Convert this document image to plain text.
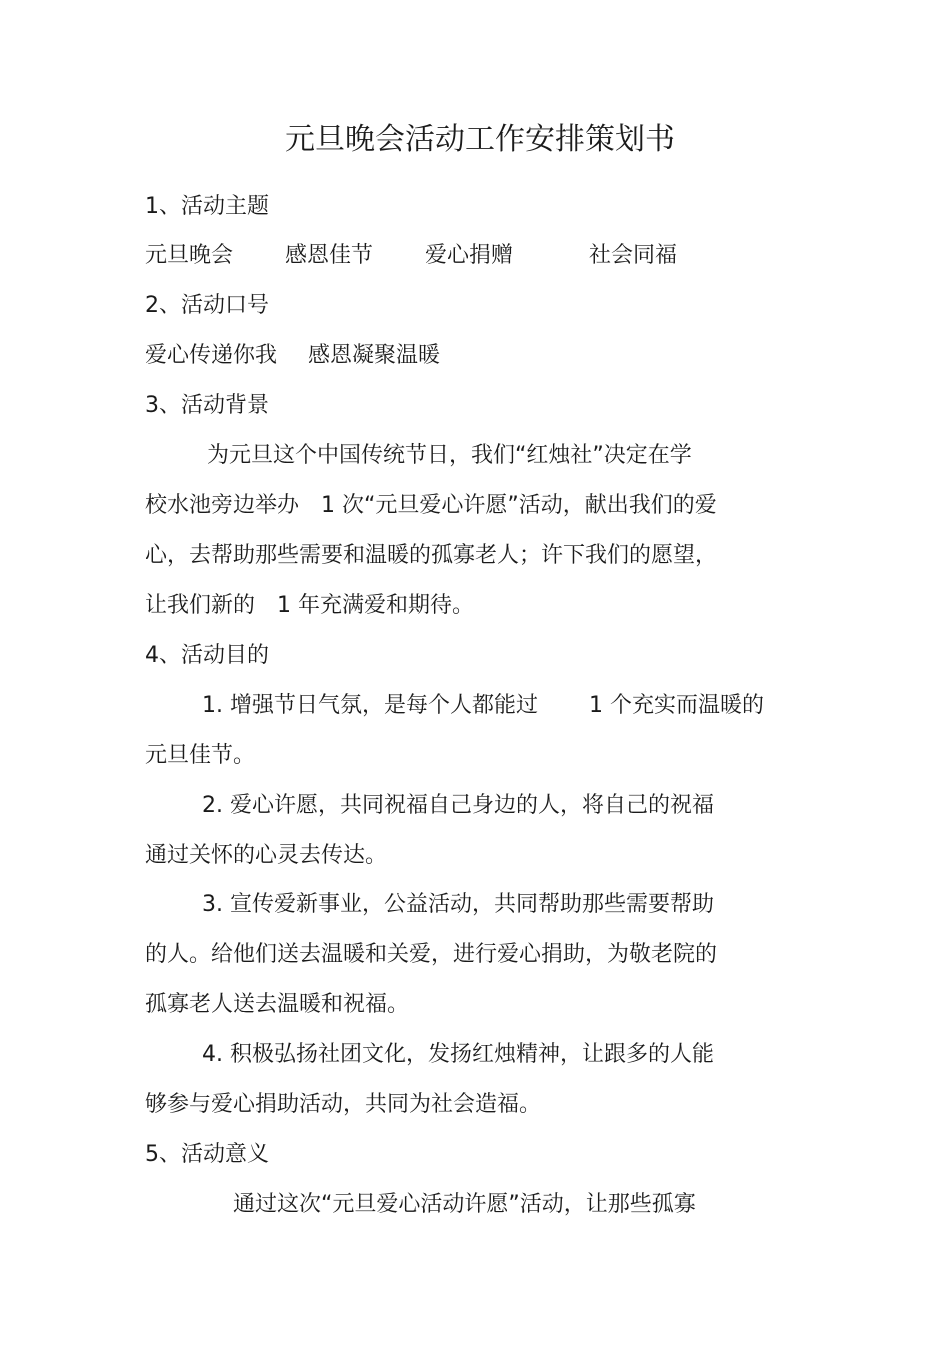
元旦晚会活动工作安排策划书
1、活动主题
元旦晚会 感恩佳节 爱心捐赠	社会同福
2、活动口号
爱心传递你我 感恩凝聚温暖
3、活动背景
为元旦这个中国传统节日，我们“红烛社”决定在学
校水池旁边举办　1 次“元旦爱心许愿”活动，献出我们的爱
心，去帮助那些需要和温暖的孤寡老人；许下我们的愿望，
让我们新的　1 年充满爱和期待。
4、活动目的
1. 增强节日气氛，是每个人都能过　　 1 个充实而温暖的
元旦佳节。
2. 爱心许愿，共同祝福自己身边的人，将自己的祝福
通过关怀的心灵去传达。
3. 宣传爱新事业，公益活动，共同帮助那些需要帮助
的人。给他们送去温暖和关爱，进行爱心捐助，为敬老院的
孤寡老人送去温暖和祝福。
4. 积极弘扬社团文化，发扬红烛精神，让跟多的人能
够参与爱心捐助活动，共同为社会造福。
5、活动意义
通过这次“元旦爱心活动许愿”活动，让那些孤寡
